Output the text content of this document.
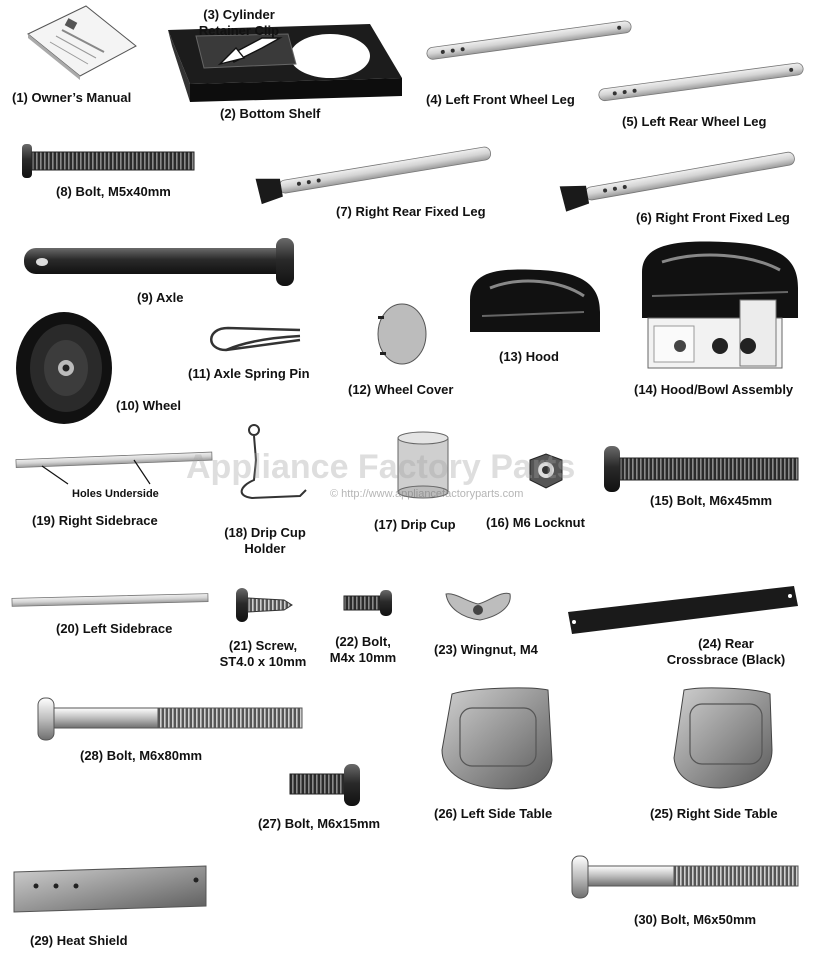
Appliance Factory Parts
© http://www.appliancefactoryparts.com
(1) Owner’s Manual
(2) Bottom Shelf
(3) Cylinder
Retainer Clip
(4) Left Front Wheel Leg
(5) Left Rear Wheel Leg
(8) Bolt, M5x40mm
(7) Right Rear Fixed Leg	(6) Right Front Fixed Leg
(9) Axle
(11) Axle Spring Pin
(12) Wheel Cover
(13) Hood
(14) Hood/Bowl Assembly
(10) Wheel
Holes Underside
(19) Right Sidebrace
(18) Drip Cup
Holder
(17) Drip Cup (16) M6 Locknut
(15) Bolt, M6x45mm
(20) Left Sidebrace
(21) Screw,
ST4.0 x 10mm
(22) Bolt,
M4x 10mm
(23) Wingnut, M4	(24) Rear
Crossbrace (Black)
(28) Bolt, M6x80mm
(26) Left Side Table	(25) Right Side Table
(27) Bolt, M6x15mm
(30) Bolt, M6x50mm
(29) Heat Shield
